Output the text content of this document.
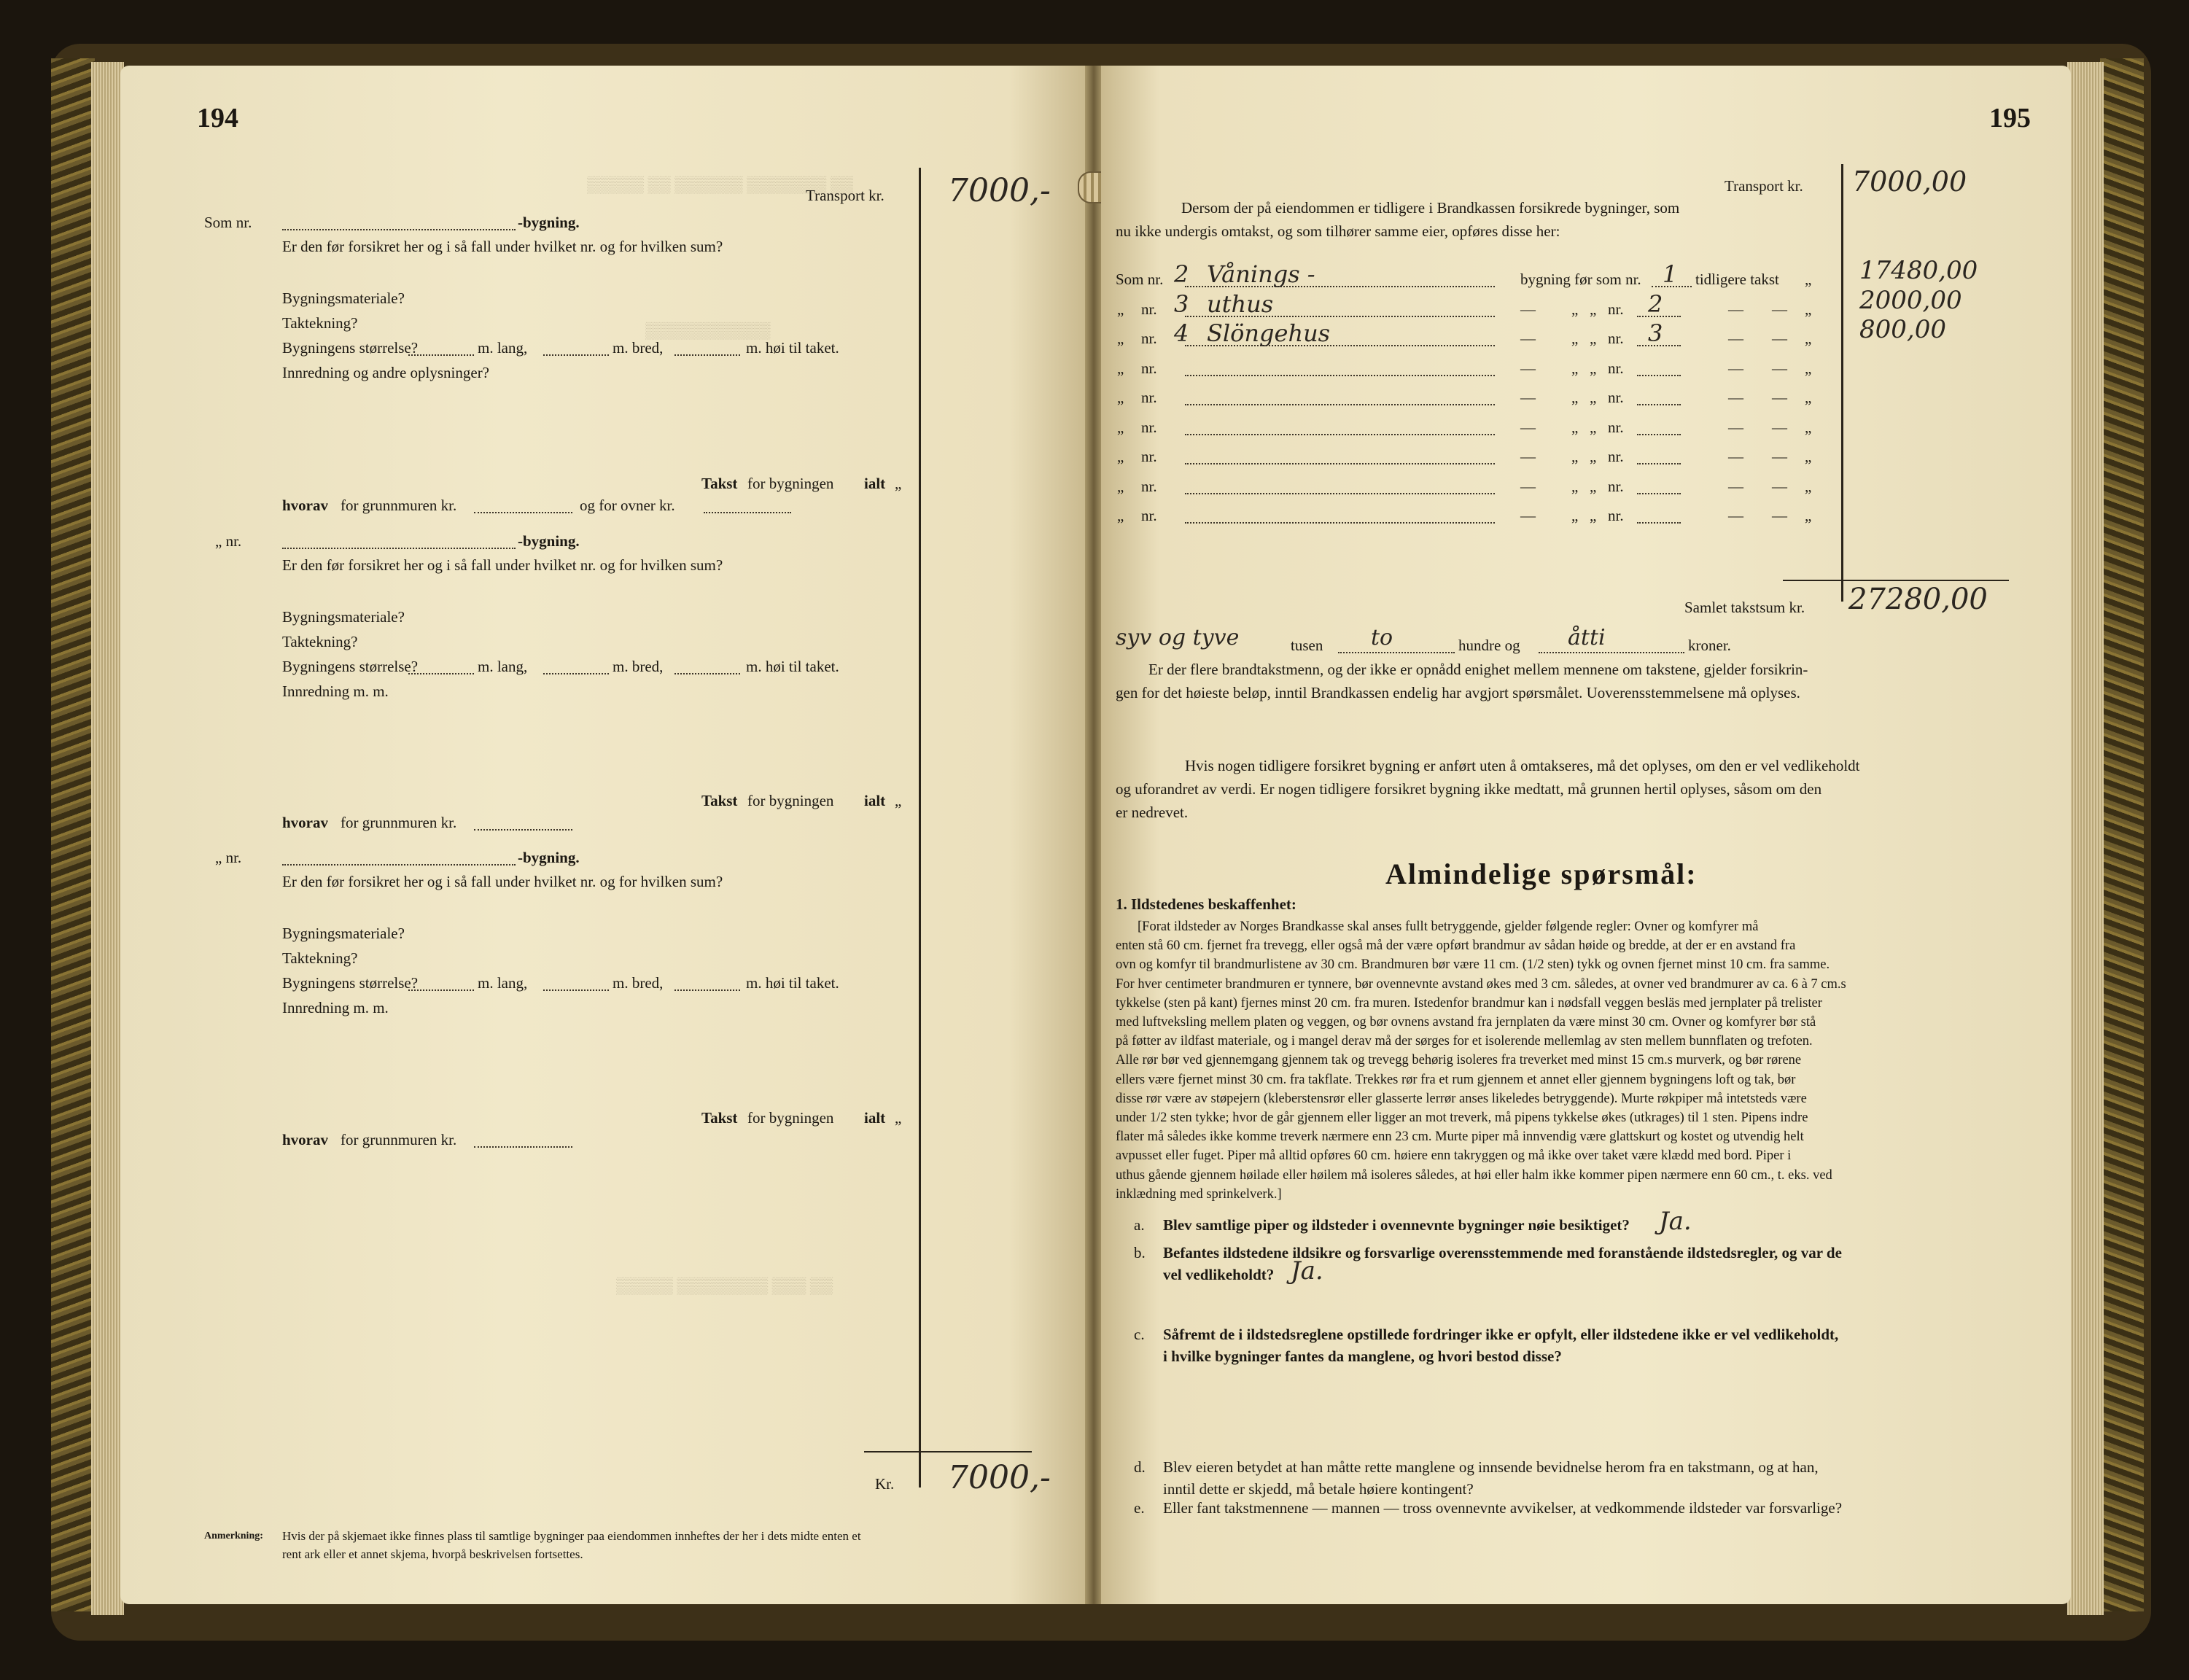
194
▒▒▒▒▒ ▒▒ ▒▒▒▒▒▒ ▒▒▒▒▒▒▒ ▒▒
▒▒▒▒▒▒▒▒▒▒▒
Transport kr. 7000,-
Som nr.	-bygning.
Er den før forsikret her og i så fall under hvilket nr. og for hvilken sum?
Bygningsmateriale?
Taktekning?
Bygningens størrelse?	m. lang,	m. bred,	m. høi til taket.
Innredning og andre oplysninger?
Takst for bygningen ialt „
hvorav for grunnmuren kr.	og for ovner kr.
„ nr.	-bygning.
Er den før forsikret her og i så fall under hvilket nr. og for hvilken sum?
Bygningsmateriale?
Taktekning?
Bygningens størrelse?	m. lang,	m. bred,	m. høi til taket.
Innredning m. m.
Takst for bygningen ialt „
hvorav for grunnmuren kr.
„ nr.	-bygning.
Er den før forsikret her og i så fall under hvilket nr. og for hvilken sum?
Bygningsmateriale?
Taktekning?
Bygningens størrelse?	m. lang,	m. bred,	m. høi til taket.
Innredning m. m.
Takst for bygningen ialt „
hvorav for grunnmuren kr.
▒▒▒▒▒ ▒▒▒▒▒▒▒▒ ▒▒▒ ▒▒
Kr. 7000,-
Anmerkning: Hvis der på skjemaet ikke finnes plass til samtlige bygninger paa eiendommen innheftes der her i dets midte enten et
rent ark eller et annet skjema, hvorpå beskrivelsen fortsettes.
195
Transport kr. 7000,00
Dersom der på eiendommen er tidligere i Brandkassen forsikrede bygninger, som
nu ikke undergis omtakst, og som tilhører samme eier, opføres disse her:
Som nr. 2 Vånings -	bygning før som nr. 1 tidligere takst „ 17480,00
„ nr. 3 uthus	— „ „ nr. 2	— — „ 2000,00
„ nr. 4 Slöngehus	— „ „ nr. 3	— — „ 800,00
„ nr.	— „ „ nr.	— — „
„ nr.	— „ „ nr.	— — „
„ nr.	— „ „ nr.	— — „
„ nr.	— „ „ nr.	— — „
„ nr.	— „ „ nr.	— — „
„ nr.	— „ „ nr.	— — „
Samlet takstsum kr. 27280,00
syv og tyve	tusen to	hundre og åtti	kroner.
Er der flere brandtakstmenn, og der ikke er opnådd enighet mellem mennene om takstene, gjelder forsikrin-
gen for det høieste beløp, inntil Brandkassen endelig har avgjort spørsmålet. Uoverensstemmelsene må oplyses.
Hvis nogen tidligere forsikret bygning er anført uten å omtakseres, må det oplyses, om den er vel vedlikeholdt
og uforandret av verdi. Er nogen tidligere forsikret bygning ikke medtatt, må grunnen hertil oplyses, såsom om den
er nedrevet.
Almindelige spørsmål:
1. Ildstedenes beskaffenhet:
[Forat ildsteder av Norges Brandkasse skal anses fullt betryggende, gjelder følgende regler: Ovner og komfyrer må
enten stå 60 cm. fjernet fra trevegg, eller også må der være opført brandmur av sådan høide og bredde, at der er en avstand fra
ovn og komfyr til brandmurlistene av 30 cm. Brandmuren bør være 11 cm. (1/2 sten) tykk og ovnen fjernet minst 10 cm. fra samme.
For hver centimeter brandmuren er tynnere, bør ovennevnte avstand økes med 3 cm. således, at ovner ved brandmurer av ca. 6 à 7 cm.s
tykkelse (sten på kant) fjernes minst 20 cm. fra muren. Istedenfor brandmur kan i nødsfall veggen besläs med jernplater på trelister
med luftveksling mellem platen og veggen, og bør ovnens avstand fra jernplaten da være minst 30 cm. Ovner og komfyrer bør stå
på føtter av ildfast materiale, og i mangel derav må der sørges for et isolerende mellemlag av sten mellem bunnflaten og trefoten.
Alle rør bør ved gjennemgang gjennem tak og trevegg behørig isoleres fra treverket med minst 15 cm.s murverk, og bør rørene
ellers være fjernet minst 30 cm. fra takflate. Trekkes rør fra et rum gjennem et annet eller gjennem bygningens loft og tak, bør
disse rør være av støpejern (kleberstensrør eller glasserte lerrør anses likeledes betryggende). Murte røkpiper må intetsteds være
under 1/2 sten tykke; hvor de går gjennem eller ligger an mot treverk, må pipens tykkelse økes (utkrages) til 1 sten. Pipens indre
flater må således ikke komme treverk nærmere enn 23 cm. Murte piper må innvendig være glattskurt og kostet og utvendig helt
avpusset eller fuget. Piper må alltid opføres 60 cm. høiere enn takryggen og må ikke over taket være klædd med bord. Piper i
uthus gående gjennem høilade eller høilem må isoleres således, at høi eller halm ikke kommer pipen nærmere enn 60 cm., t. eks. ved
inklædning med sprinkelverk.]
a. Blev samtlige piper og ildsteder i ovennevnte bygninger nøie besiktiget? Ja.
b. Befantes ildstedene ildsikre og forsvarlige overensstemmende med foranstående ildstedsregler, og var de
vel vedlikeholdt? Ja.
c. Såfremt de i ildstedsreglene opstillede fordringer ikke er opfylt, eller ildstedene ikke er vel vedlikeholdt,
i hvilke bygninger fantes da manglene, og hvori bestod disse?
d. Blev eieren betydet at han måtte rette manglene og innsende bevidnelse herom fra en takstmann, og at han,
inntil dette er skjedd, må betale høiere kontingent?
e. Eller fant takstmennene — mannen — tross ovennevnte avvikelser, at vedkommende ildsteder var forsvarlige?
